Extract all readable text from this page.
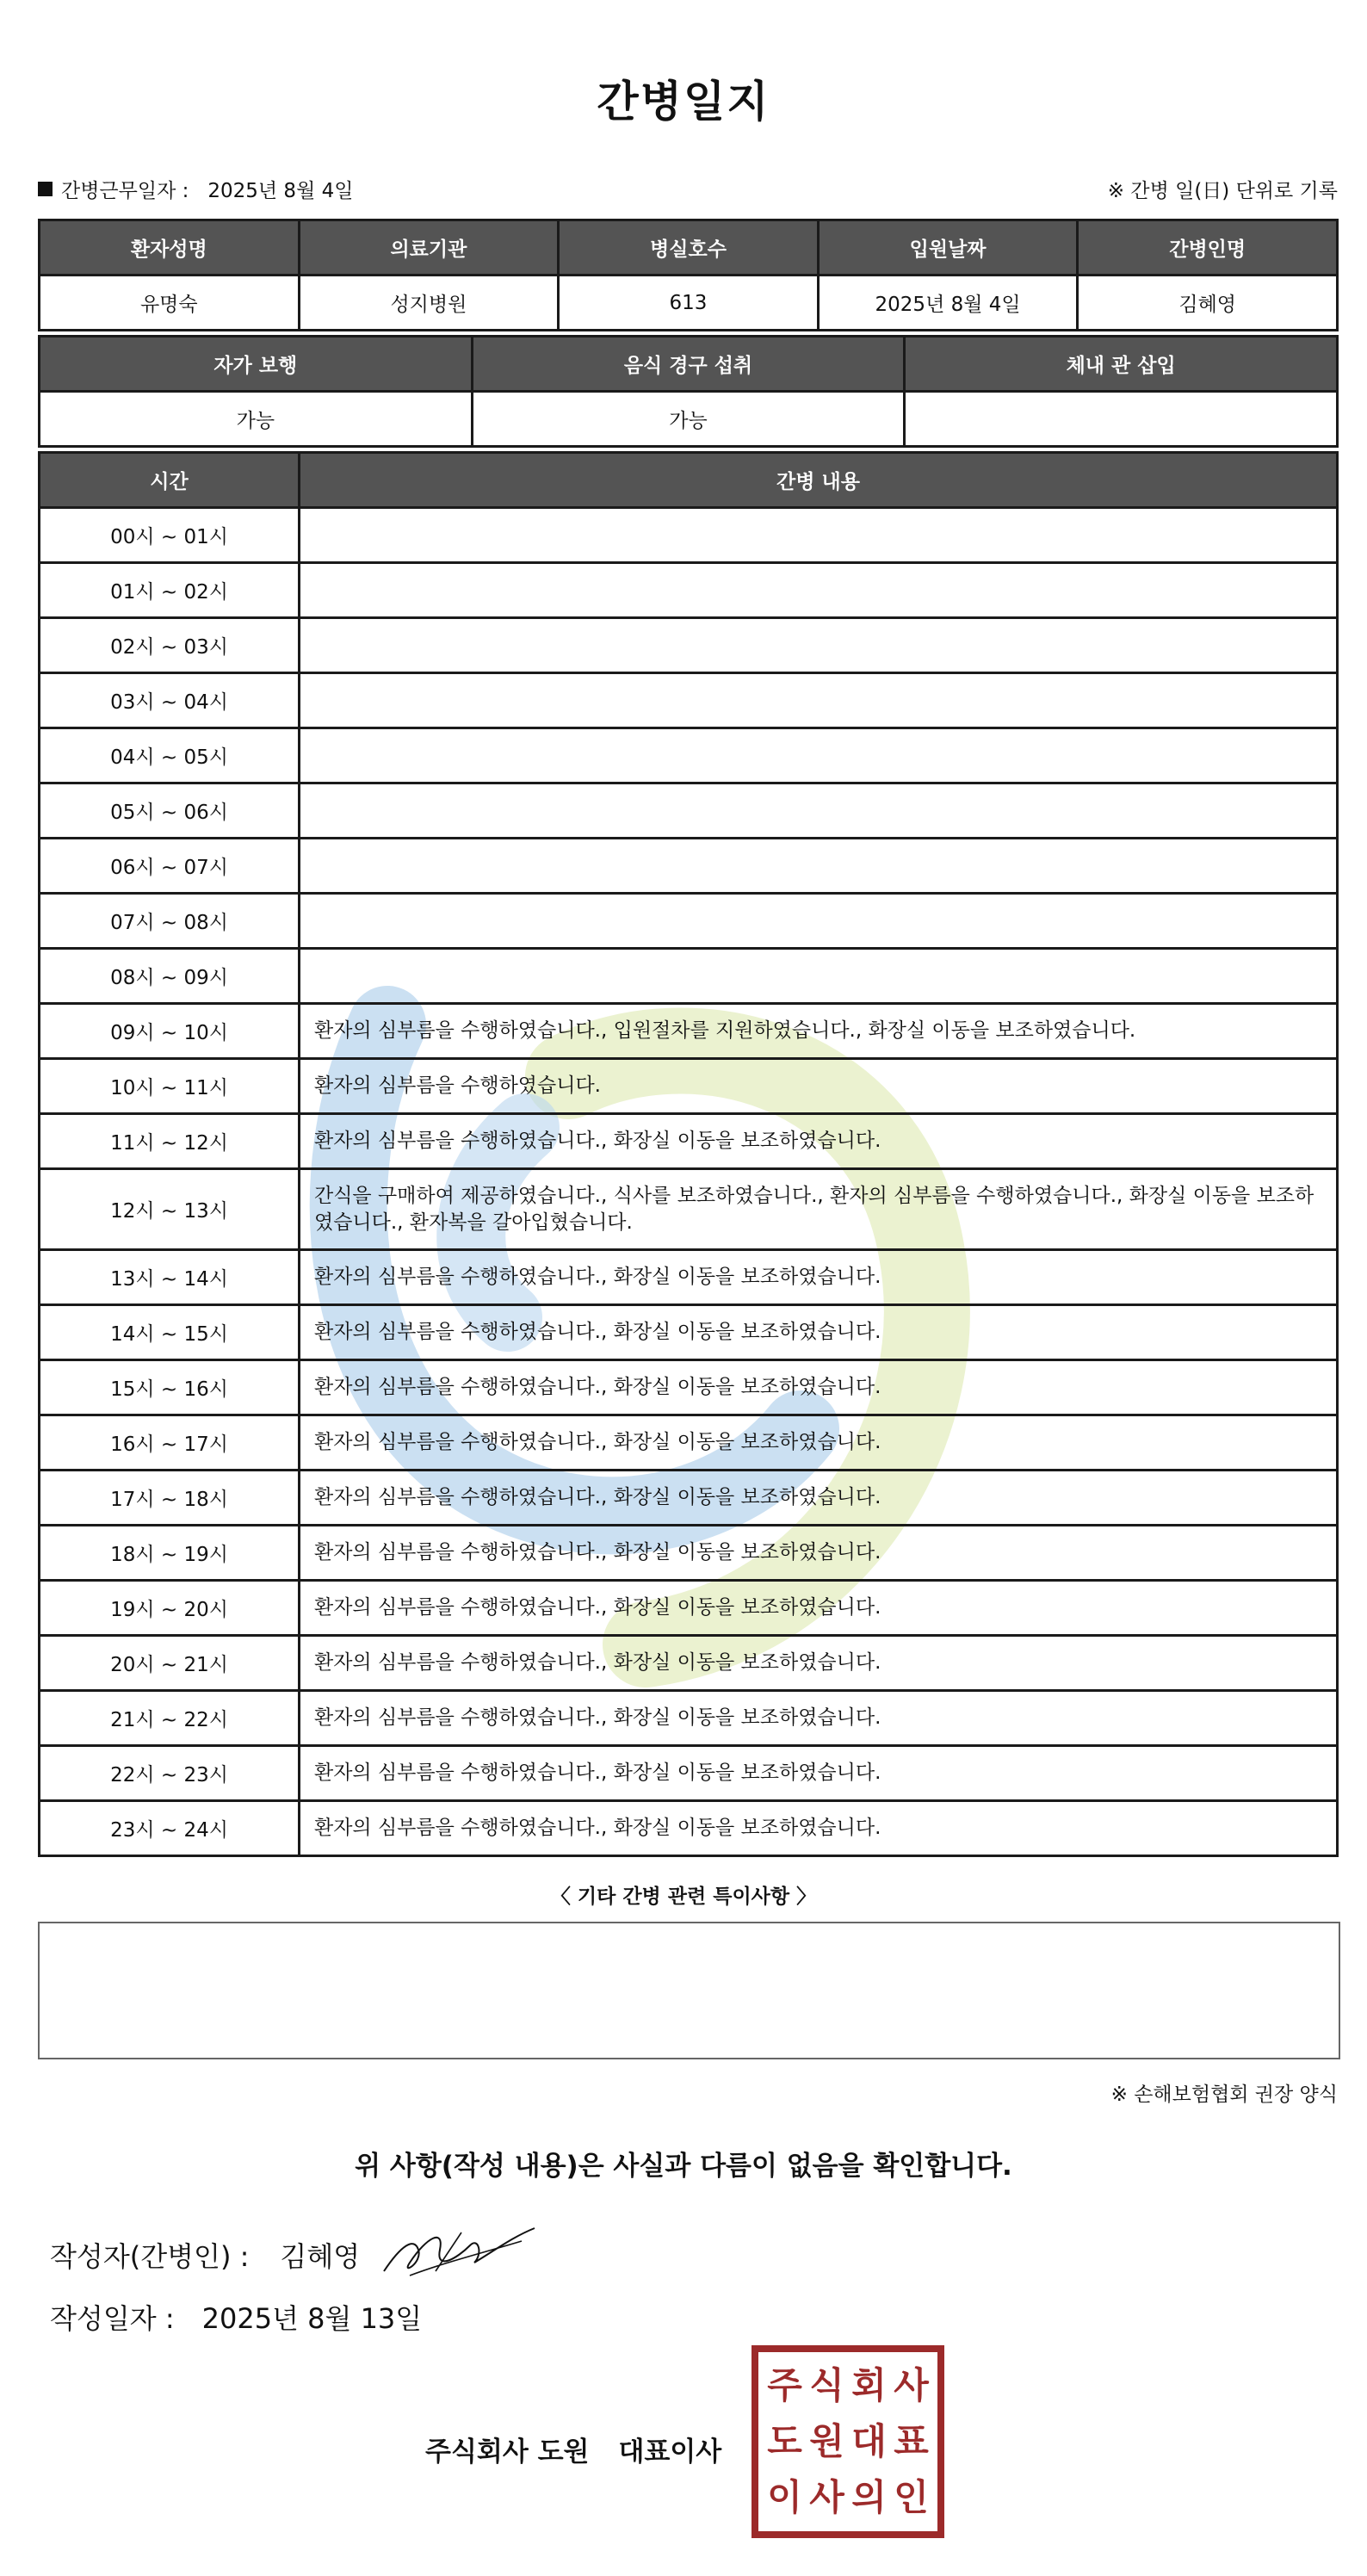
간병일지
간병근무일자 : 2025년 8월 4일	※ 간병 일(日) 단위로 기록
환자성명	의료기관	병실호수	입원날짜	간병인명
유명숙	성지병원	613	2025년 8월 4일	김혜영
자가 보행	음식 경구 섭취	체내 관 삽입
가능	가능	
시간	간병 내용
00시 ~ 01시	
01시 ~ 02시	
02시 ~ 03시	
03시 ~ 04시	
04시 ~ 05시	
05시 ~ 06시	
06시 ~ 07시	
07시 ~ 08시	
08시 ~ 09시	
09시 ~ 10시	환자의 심부름을 수행하였습니다., 입원절차를 지원하였습니다., 화장실 이동을 보조하였습니다.
10시 ~ 11시	환자의 심부름을 수행하였습니다.
11시 ~ 12시	환자의 심부름을 수행하였습니다., 화장실 이동을 보조하였습니다.
12시 ~ 13시	간식을 구매하여 제공하였습니다., 식사를 보조하였습니다., 환자의 심부름을 수행하였습니다., 화장실 이동을 보조하였습니다., 환자복을 갈아입혔습니다.
13시 ~ 14시	환자의 심부름을 수행하였습니다., 화장실 이동을 보조하였습니다.
14시 ~ 15시	환자의 심부름을 수행하였습니다., 화장실 이동을 보조하였습니다.
15시 ~ 16시	환자의 심부름을 수행하였습니다., 화장실 이동을 보조하였습니다.
16시 ~ 17시	환자의 심부름을 수행하였습니다., 화장실 이동을 보조하였습니다.
17시 ~ 18시	환자의 심부름을 수행하였습니다., 화장실 이동을 보조하였습니다.
18시 ~ 19시	환자의 심부름을 수행하였습니다., 화장실 이동을 보조하였습니다.
19시 ~ 20시	환자의 심부름을 수행하였습니다., 화장실 이동을 보조하였습니다.
20시 ~ 21시	환자의 심부름을 수행하였습니다., 화장실 이동을 보조하였습니다.
21시 ~ 22시	환자의 심부름을 수행하였습니다., 화장실 이동을 보조하였습니다.
22시 ~ 23시	환자의 심부름을 수행하였습니다., 화장실 이동을 보조하였습니다.
23시 ~ 24시	환자의 심부름을 수행하였습니다., 화장실 이동을 보조하였습니다.
〈 기타 간병 관련 특이사항 〉
※ 손해보험협회 권장 양식
위 사항(작성 내용)은 사실과 다름이 없음을 확인합니다.
작성자(간병인) : 김혜영
작성일자 : 2025년 8월 13일
주식회사 도원 대표이사
주 식 회 사
도 원 대 표
이 사 의 인
